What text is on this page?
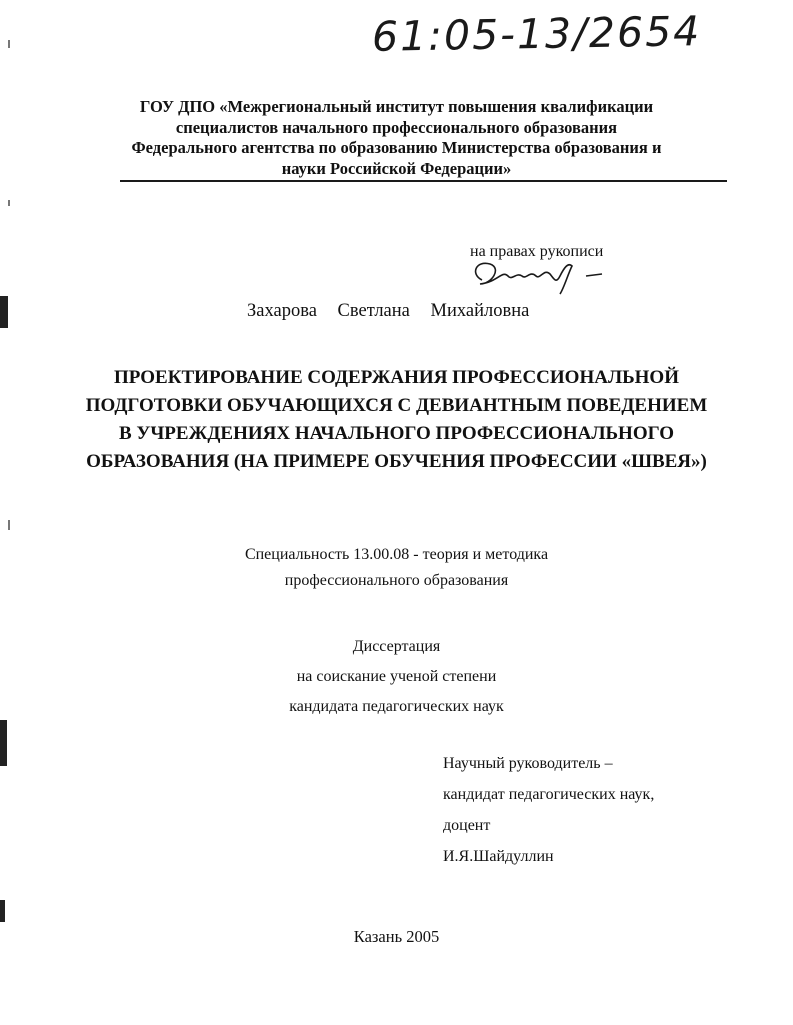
61:05-13/2654
ГОУ ДПО «Межрегиональный институт повышения квалификации
специалистов начального профессионального образования
Федерального агентства по образованию Министерства образования и
науки Российской Федерации»
на правах рукописи
Захарова Светлана Михайловна
ПРОЕКТИРОВАНИЕ СОДЕРЖАНИЯ ПРОФЕССИОНАЛЬНОЙ
ПОДГОТОВКИ ОБУЧАЮЩИХСЯ С ДЕВИАНТНЫМ ПОВЕДЕНИЕМ
В УЧРЕЖДЕНИЯХ НАЧАЛЬНОГО ПРОФЕССИОНАЛЬНОГО
ОБРАЗОВАНИЯ (НА ПРИМЕРЕ ОБУЧЕНИЯ ПРОФЕССИИ «ШВЕЯ»)
Специальность 13.00.08 - теория и методика
профессионального образования
Диссертация
на соискание ученой степени
кандидата педагогических наук
Научный руководитель –
кандидат педагогических наук,
доцент
И.Я.Шайдуллин
Казань 2005
